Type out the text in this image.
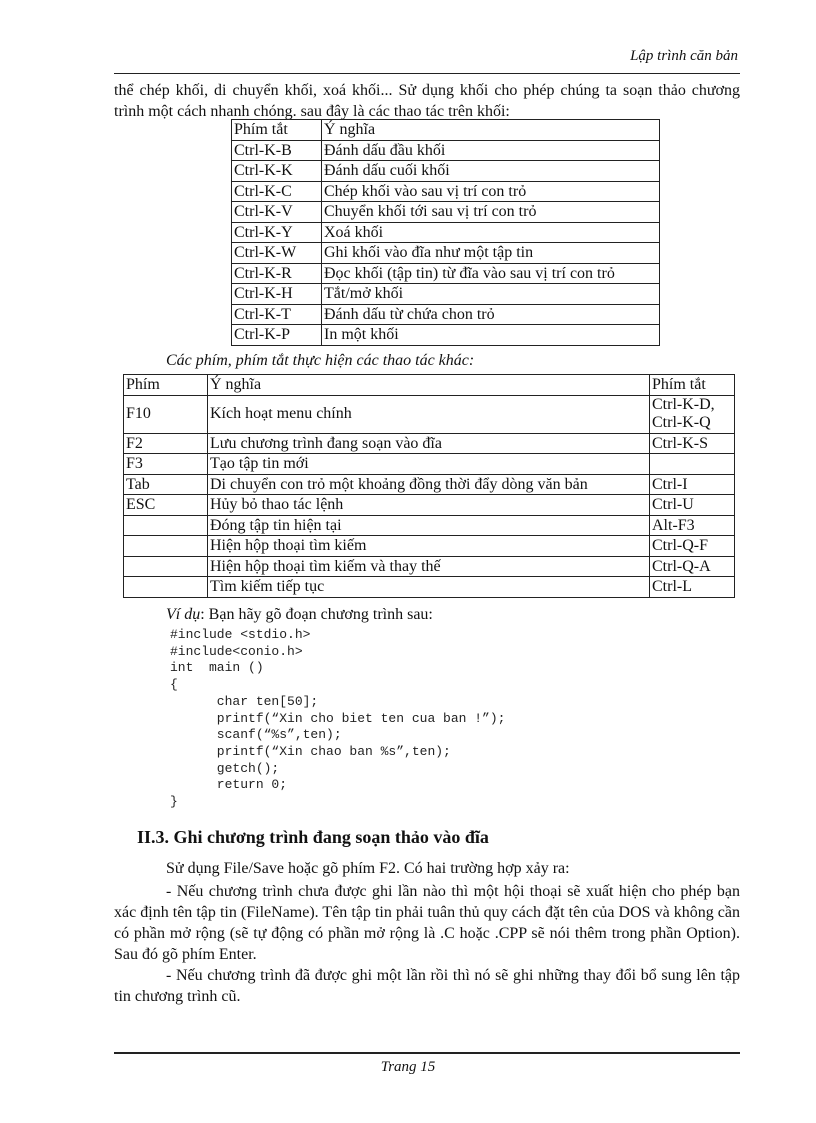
Lập trình căn bản
thể chép khối, di chuyển khối, xoá khối... Sử dụng khối cho phép chúng ta soạn thảo chương trình một cách nhanh chóng. sau đây là các thao tác trên khối:
Phím tắt	Ý nghĩa
Ctrl-K-B	Đánh dấu đầu khối
Ctrl-K-K	Đánh dấu cuối khối
Ctrl-K-C	Chép khối vào sau vị trí con trỏ
Ctrl-K-V	Chuyển khối tới sau vị trí con trỏ
Ctrl-K-Y	Xoá khối
Ctrl-K-W	Ghi khối vào đĩa như một tập tin
Ctrl-K-R	Đọc khối (tập tin) từ đĩa vào sau vị trí con trỏ
Ctrl-K-H	Tắt/mở khối
Ctrl-K-T	Đánh dấu từ chứa chon trỏ
Ctrl-K-P	In một khối
Các phím, phím tắt thực hiện các thao tác khác:
Phím	Ý nghĩa	Phím tắt
F10	Kích hoạt menu chính	Ctrl-K-D,
Ctrl-K-Q

F2	Lưu chương trình đang soạn vào đĩa	Ctrl-K-S

F3	Tạo tập tin mới	

Tab	Di chuyển con trỏ một khoảng đồng thời đẩy dòng văn bản	Ctrl-I

ESC	Hủy bỏ thao tác lệnh	Ctrl-U

	Đóng tập tin hiện tại	Alt-F3

	Hiện hộp thoại tìm kiếm	Ctrl-Q-F

	Hiện hộp thoại tìm kiếm và thay thế	Ctrl-Q-A

	Tìm kiếm tiếp tục	Ctrl-L
Ví dụ: Bạn hãy gõ đoạn chương trình sau:
#include <stdio.h>
#include<conio.h>
int  main ()
{
char ten[50];
printf(“Xin cho biet ten cua ban !”);
scanf(“%s”,ten);
printf(“Xin chao ban %s”,ten);
getch();
return 0;
}
II.3. Ghi chương trình đang soạn thảo vào đĩa
Sử dụng File/Save hoặc gõ phím F2. Có hai trường hợp xảy ra:
- Nếu chương trình chưa được ghi lần nào thì một hội thoại sẽ xuất hiện cho phép bạn xác định tên tập tin (FileName). Tên tập tin phải tuân thủ quy cách đặt tên của DOS và không cần có phần mở rộng (sẽ tự động có phần mở rộng là .C hoặc .CPP sẽ nói thêm trong phần Option). Sau đó gõ phím Enter.
- Nếu chương trình đã được ghi một lần rồi thì nó sẽ ghi những thay đổi bổ sung lên tập tin chương trình cũ.
Trang 15
